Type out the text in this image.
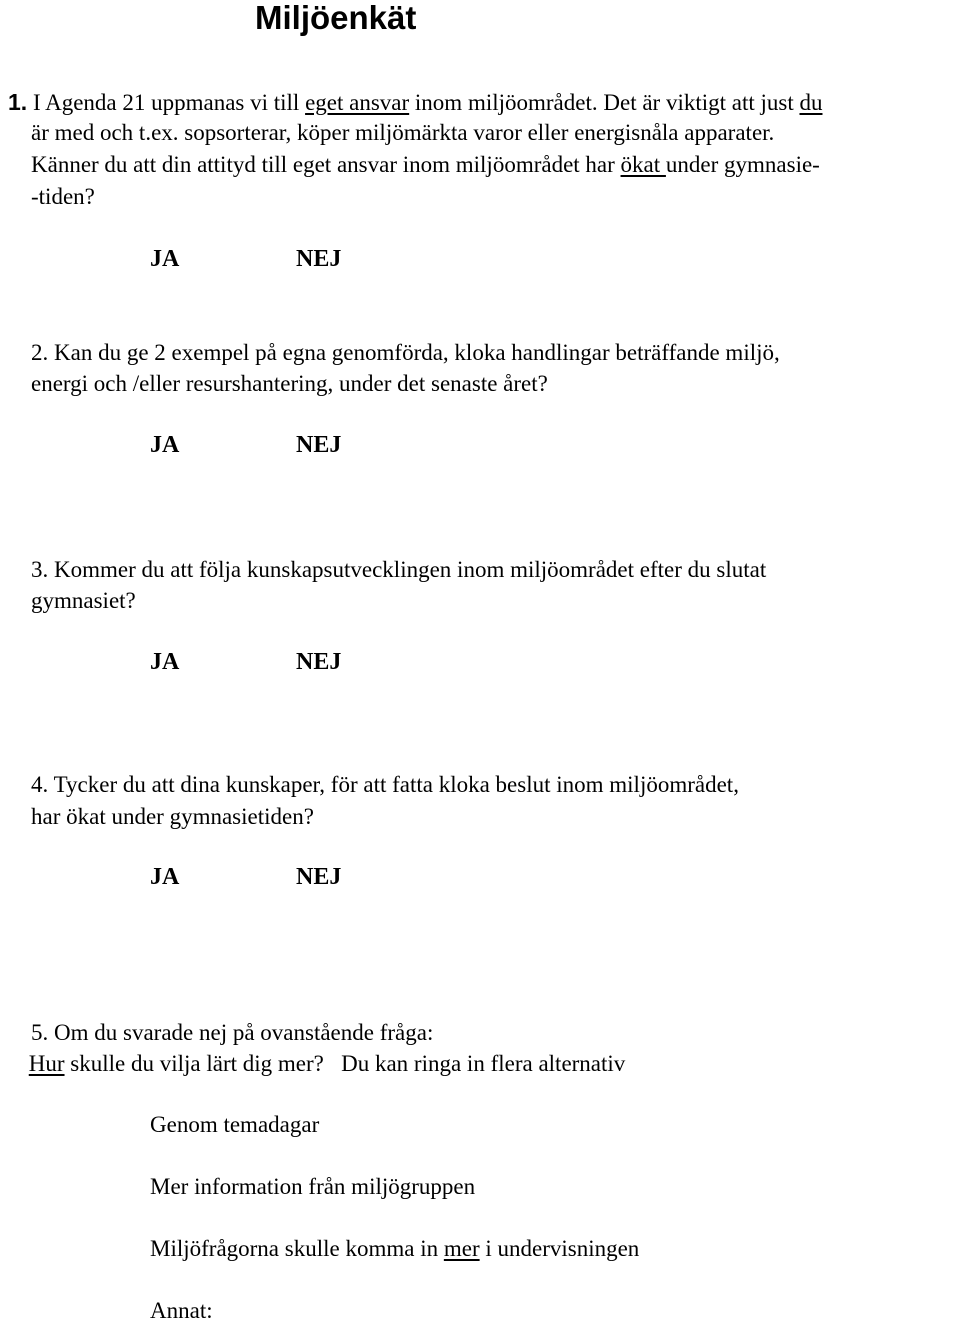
Miljöenkät
1. I Agenda 21 uppmanas vi till eget ansvar inom miljöområdet. Det är viktigt att just du
är med och t.ex. sopsorterar, köper miljömärkta varor eller energisnåla apparater.
Känner du att din attityd till eget ansvar inom miljöområdet har ökat under gymnasie-
-tiden?
JA	NEJ
2. Kan du ge 2 exempel på egna genomförda, kloka handlingar beträffande miljö,
energi och /eller resurshantering, under det senaste året?
JA	NEJ
3. Kommer du att följa kunskapsutvecklingen inom miljöområdet efter du slutat
gymnasiet?
JA	NEJ
4. Tycker du att dina kunskaper, för att fatta kloka beslut inom miljöområdet,
har ökat under gymnasietiden?
JA	NEJ
5. Om du svarade nej på ovanstående fråga:
Hur skulle du vilja lärt dig mer? Du kan ringa in flera alternativ
Genom temadagar
Mer information från miljögruppen
Miljöfrågorna skulle komma in mer i undervisningen
Annat:
